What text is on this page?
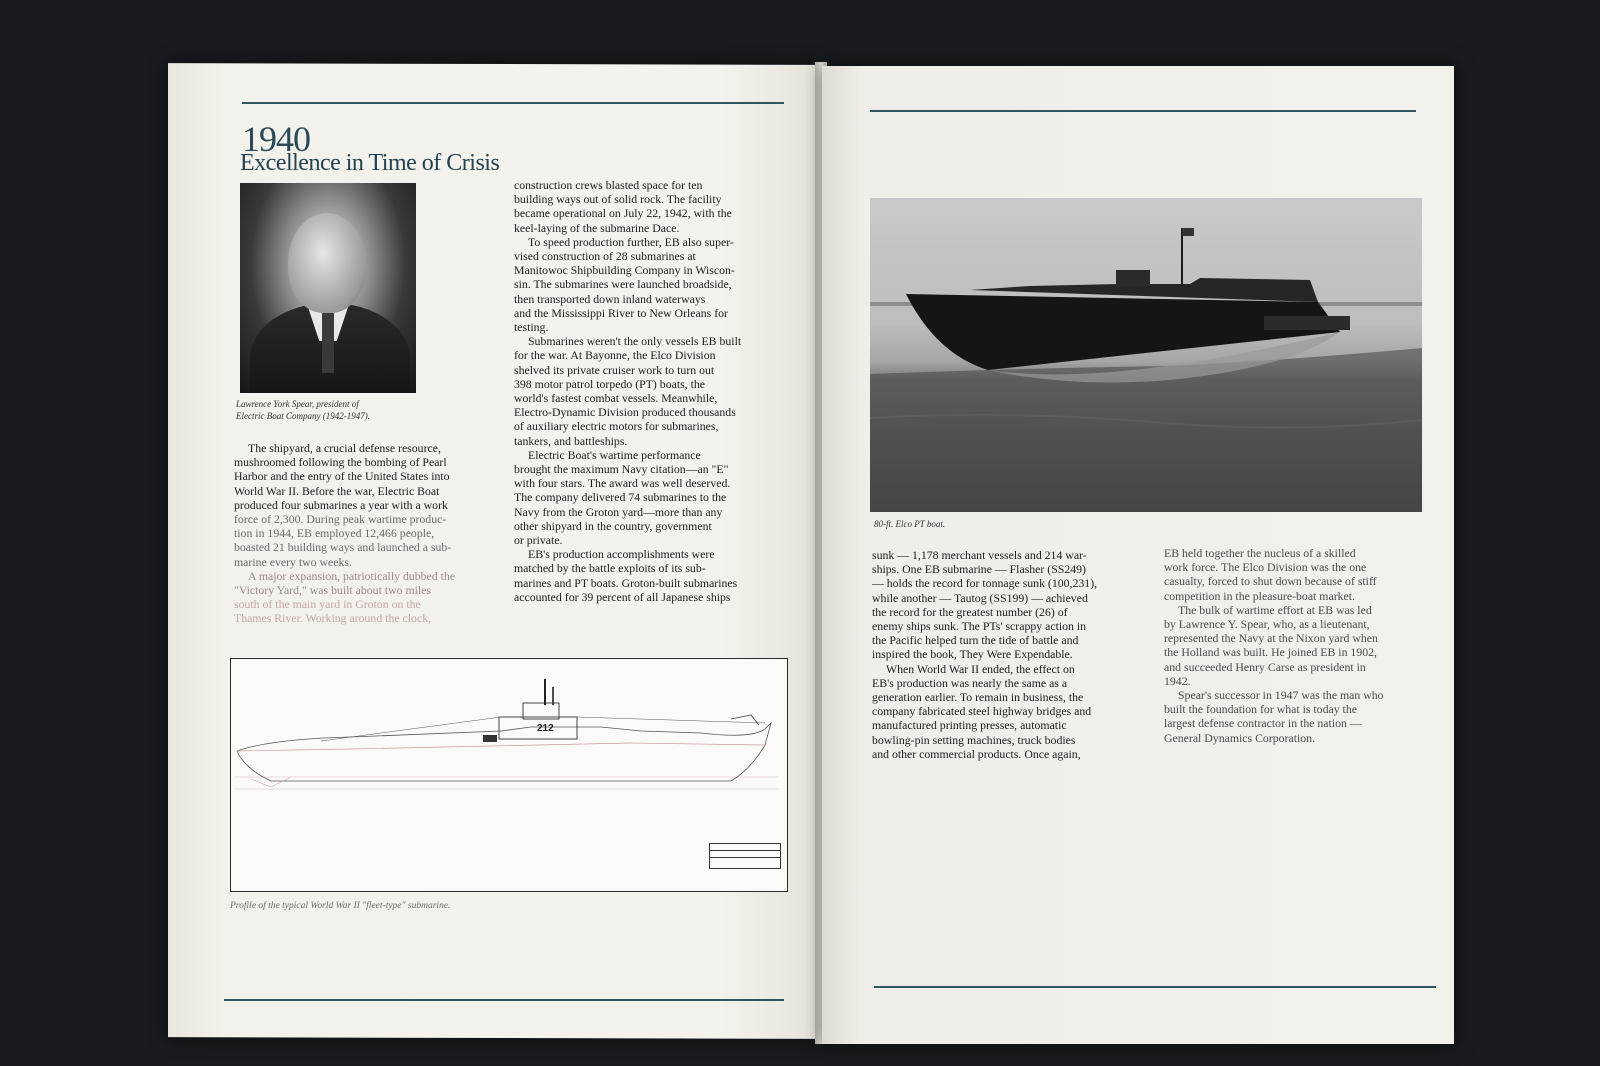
1940
Excellence in Time of Crisis
Lawrence York Spear, president of
Electric Boat Company (1942-1947).
The shipyard, a crucial defense resource,
mushroomed following the bombing of Pearl
Harbor and the entry of the United States into
World War II. Before the war, Electric Boat
produced four submarines a year with a work
force of 2,300. During peak wartime produc-
tion in 1944, EB employed 12,466 people,
boasted 21 building ways and launched a sub-
marine every two weeks.
A major expansion, patriotically dubbed the
"Victory Yard," was built about two miles
south of the main yard in Groton on the
Thames River. Working around the clock,
construction crews blasted space for ten
building ways out of solid rock. The facility
became operational on July 22, 1942, with the
keel-laying of the submarine Dace.
To speed production further, EB also super-
vised construction of 28 submarines at
Manitowoc Shipbuilding Company in Wiscon-
sin. The submarines were launched broadside,
then transported down inland waterways
and the Mississippi River to New Orleans for
testing.
Submarines weren't the only vessels EB built
for the war. At Bayonne, the Elco Division
shelved its private cruiser work to turn out
398 motor patrol torpedo (PT) boats, the
world's fastest combat vessels. Meanwhile,
Electro-Dynamic Division produced thousands
of auxiliary electric motors for submarines,
tankers, and battleships.
Electric Boat's wartime performance
brought the maximum Navy citation—an "E"
with four stars. The award was well deserved.
The company delivered 74 submarines to the
Navy from the Groton yard—more than any
other shipyard in the country, government
or private.
EB's production accomplishments were
matched by the battle exploits of its sub-
marines and PT boats. Groton-built submarines
accounted for 39 percent of all Japanese ships
212
Profile of the typical World War II "fleet-type" submarine.
80-ft. Elco PT boat.
sunk — 1,178 merchant vessels and 214 war-
ships. One EB submarine — Flasher (SS249)
— holds the record for tonnage sunk (100,231),
while another — Tautog (SS199) — achieved
the record for the greatest number (26) of
enemy ships sunk. The PTs' scrappy action in
the Pacific helped turn the tide of battle and
inspired the book, They Were Expendable.
When World War II ended, the effect on
EB's production was nearly the same as a
generation earlier. To remain in business, the
company fabricated steel highway bridges and
manufactured printing presses, automatic
bowling-pin setting machines, truck bodies
and other commercial products. Once again,
EB held together the nucleus of a skilled
work force. The Elco Division was the one
casualty, forced to shut down because of stiff
competition in the pleasure-boat market.
The bulk of wartime effort at EB was led
by Lawrence Y. Spear, who, as a lieutenant,
represented the Navy at the Nixon yard when
the Holland was built. He joined EB in 1902,
and succeeded Henry Carse as president in
1942.
Spear's successor in 1947 was the man who
built the foundation for what is today the
largest defense contractor in the nation —
General Dynamics Corporation.
